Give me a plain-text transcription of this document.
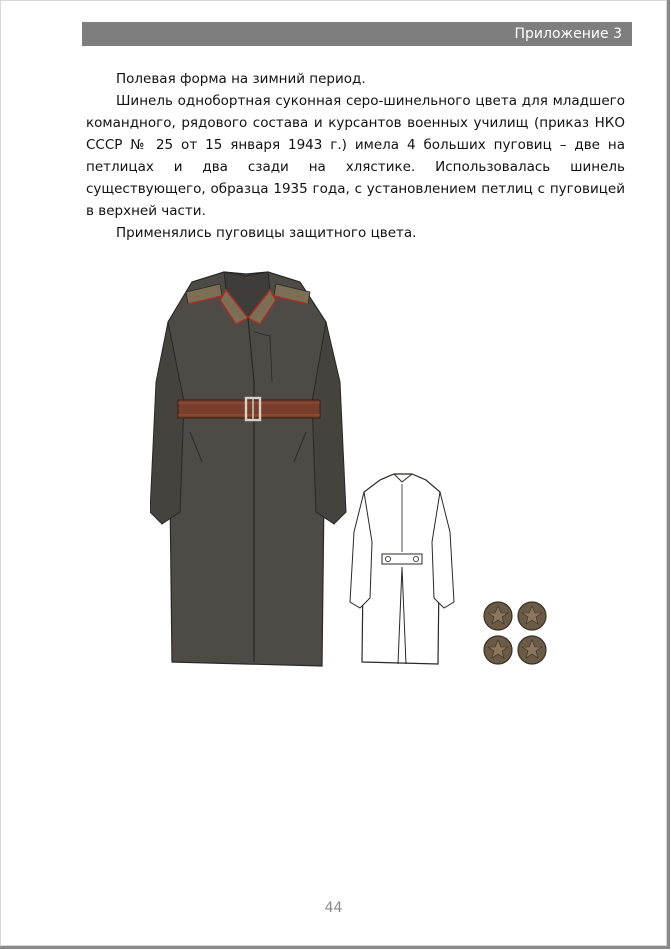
Приложение 3

Полевая форма на зимний период.

Шинель однобортная суконная серо-шинельного цвета для младшего командного, рядового состава и курсантов военных училищ (приказ НКО СССР № 25 от 15 января 1943 г.) имела 4 больших пуговиц – две на петлицах и два сзади на хлястике. Использовалась шинель существующего, образца 1935 года, с установлением петлиц с пуговицей в верхней части.

Применялись пуговицы защитного цвета.

44
